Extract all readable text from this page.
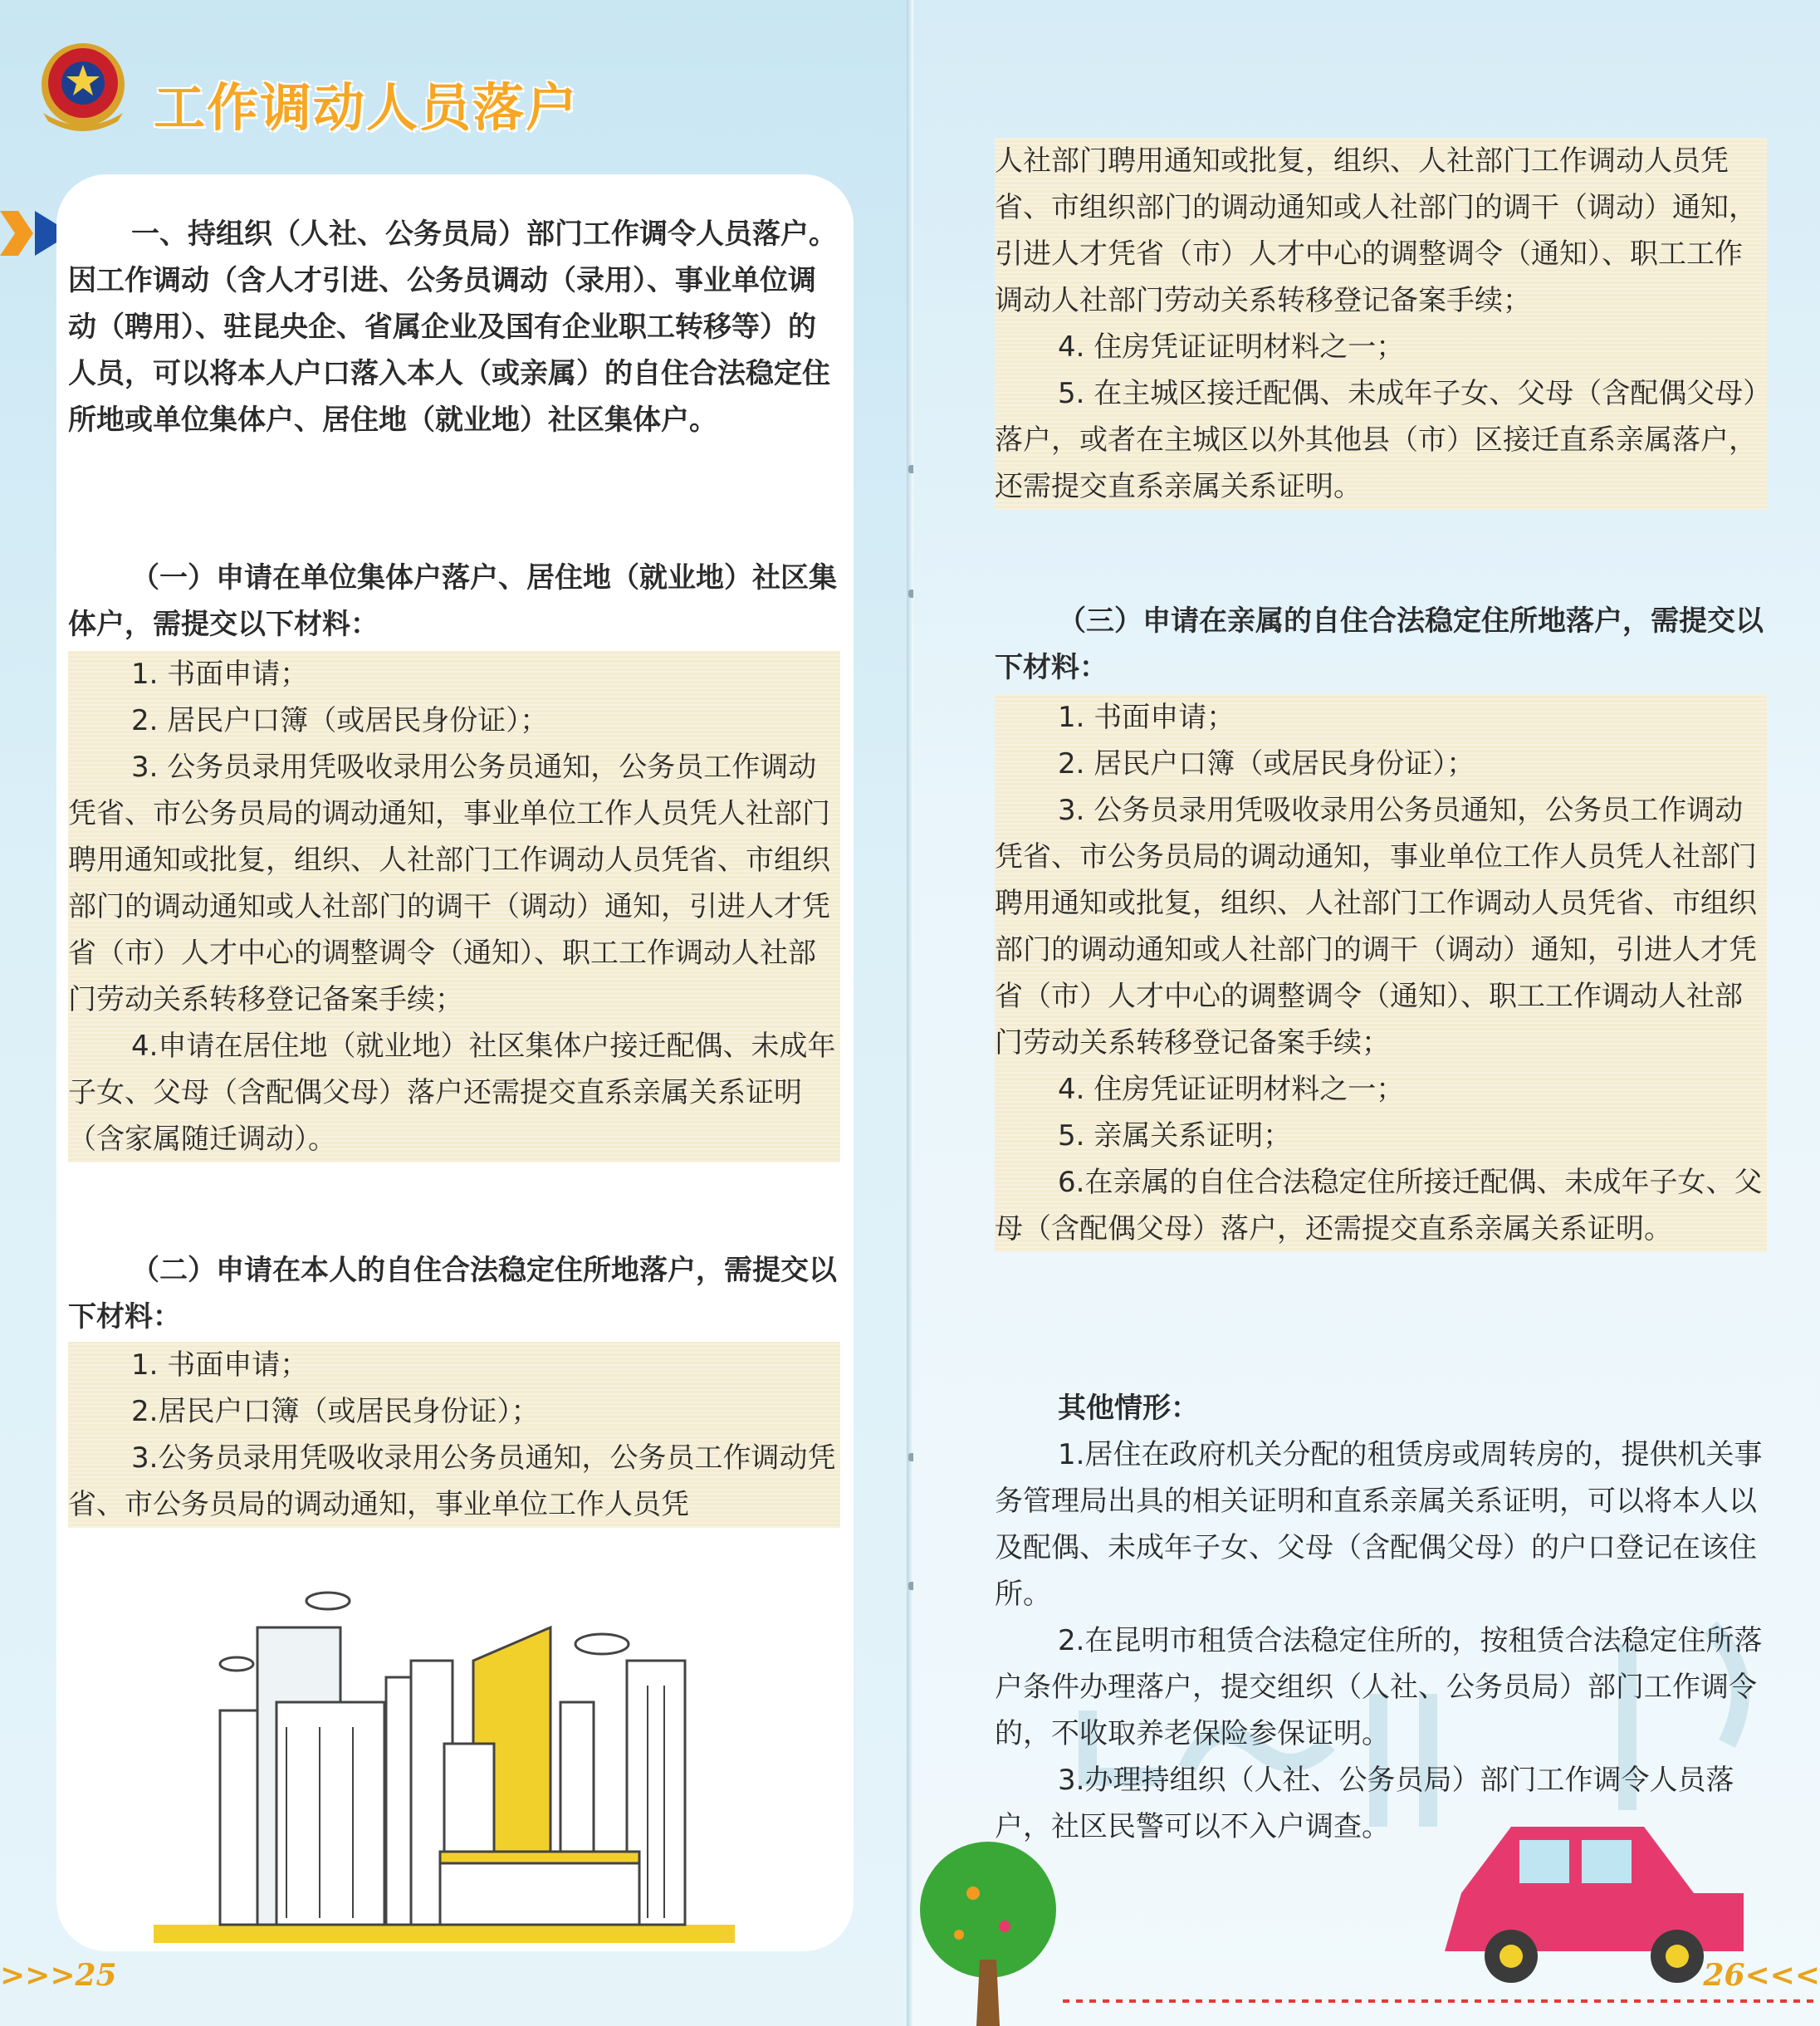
工作调动人员落户
一、持组织（人社、公务员局）部门工作调令人员落户。因工作调动（含人才引进、公务员调动（录用）、事业单位调动（聘用）、驻昆央企、省属企业及国有企业职工转移等）的人员，可以将本人户口落入本人（或亲属）的自住合法稳定住所地或单位集体户、居住地（就业地）社区集体户。
（一）申请在单位集体户落户、居住地（就业地）社区集体户，需提交以下材料：

1. 书面申请；

2. 居民户口簿（或居民身份证）；

3. 公务员录用凭吸收录用公务员通知，公务员工作调动凭省、市公务员局的调动通知，事业单位工作人员凭人社部门聘用通知或批复，组织、人社部门工作调动人员凭省、市组织部门的调动通知或人社部门的调干（调动）通知，引进人才凭省（市）人才中心的调整调令（通知）、职工工作调动人社部门劳动关系转移登记备案手续；

4.申请在居住地（就业地）社区集体户接迁配偶、未成年子女、父母（含配偶父母）落户还需提交直系亲属关系证明（含家属随迁调动）。

（二）申请在本人的自住合法稳定住所地落户，需提交以下材料：

1. 书面申请；

2.居民户口簿（或居民身份证）；

3.公务员录用凭吸收录用公务员通知，公务员工作调动凭省、市公务员局的调动通知，事业单位工作人员凭

>>>25

人社部门聘用通知或批复，组织、人社部门工作调动人员凭省、市组织部门的调动通知或人社部门的调干（调动）通知，引进人才凭省（市）人才中心的调整调令（通知）、职工工作调动人社部门劳动关系转移登记备案手续；

4. 住房凭证证明材料之一；

5. 在主城区接迁配偶、未成年子女、父母（含配偶父母）落户，或者在主城区以外其他县（市）区接迁直系亲属落户，还需提交直系亲属关系证明。

（三）申请在亲属的自住合法稳定住所地落户，需提交以下材料：

1. 书面申请；

2. 居民户口簿（或居民身份证）；

3. 公务员录用凭吸收录用公务员通知，公务员工作调动凭省、市公务员局的调动通知，事业单位工作人员凭人社部门聘用通知或批复，组织、人社部门工作调动人员凭省、市组织部门的调动通知或人社部门的调干（调动）通知，引进人才凭省（市）人才中心的调整调令（通知）、职工工作调动人社部门劳动关系转移登记备案手续；

4. 住房凭证证明材料之一；

5. 亲属关系证明；

6.在亲属的自住合法稳定住所接迁配偶、未成年子女、父母（含配偶父母）落户，还需提交直系亲属关系证明。

其他情形：

1.居住在政府机关分配的租赁房或周转房的，提供机关事务管理局出具的相关证明和直系亲属关系证明，可以将本人以及配偶、未成年子女、父母（含配偶父母）的户口登记在该住所。

2.在昆明市租赁合法稳定住所的，按租赁合法稳定住所落户条件办理落户，提交组织（人社、公务员局）部门工作调令的，不收取养老保险参保证明。

3.办理持组织（人社、公务员局）部门工作调令人员落户，社区民警可以不入户调查。

26<<<
